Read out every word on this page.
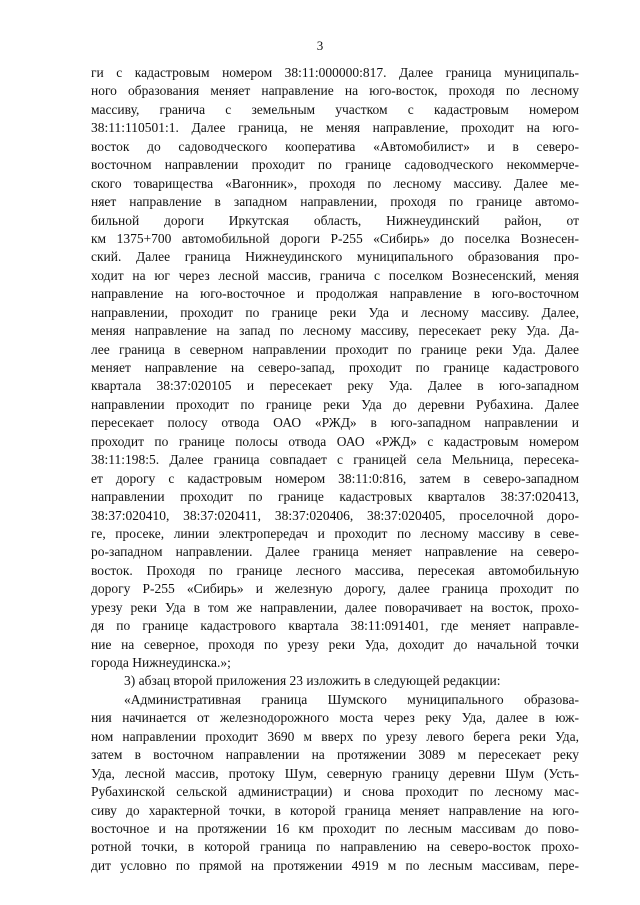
3
ги с кадастровым номером 38:11:000000:817. Далее граница муниципаль-
ного образования меняет направление на юго-восток, проходя по лесному
массиву, гранича с земельным участком с кадастровым номером
38:11:110501:1. Далее граница, не меняя направление, проходит на юго-
восток до садоводческого кооператива «Автомобилист» и в северо-
восточном направлении проходит по границе садоводческого некоммерче-
ского товарищества «Вагонник», проходя по лесному массиву. Далее ме-
няет направление в западном направлении, проходя по границе автомо-
бильной дороги Иркутская область, Нижнеудинский район, от
км 1375+700 автомобильной дороги Р-255 «Сибирь» до поселка Вознесен-
ский. Далее граница Нижнеудинского муниципального образования про-
ходит на юг через лесной массив, гранича с поселком Вознесенский, меняя
направление на юго-восточное и продолжая направление в юго-восточном
направлении, проходит по границе реки Уда и лесному массиву. Далее,
меняя направление на запад по лесному массиву, пересекает реку Уда. Да-
лее граница в северном направлении проходит по границе реки Уда. Далее
меняет направление на северо-запад, проходит по границе кадастрового
квартала 38:37:020105 и пересекает реку Уда. Далее в юго-западном
направлении проходит по границе реки Уда до деревни Рубахина. Далее
пересекает полосу отвода ОАО «РЖД» в юго-западном направлении и
проходит по границе полосы отвода ОАО «РЖД» с кадастровым номером
38:11:198:5. Далее граница совпадает с границей села Мельница, пересека-
ет дорогу с кадастровым номером 38:11:0:816, затем в северо-западном
направлении проходит по границе кадастровых кварталов 38:37:020413,
38:37:020410, 38:37:020411, 38:37:020406, 38:37:020405, проселочной доро-
ге, просеке, линии электропередач и проходит по лесному массиву в севе-
ро-западном направлении. Далее граница меняет направление на северо-
восток. Проходя по границе лесного массива, пересекая автомобильную
дорогу Р-255 «Сибирь» и железную дорогу, далее граница проходит по
урезу реки Уда в том же направлении, далее поворачивает на восток, прохо-
дя по границе кадастрового квартала 38:11:091401, где меняет направле-
ние на северное, проходя по урезу реки Уда, доходит до начальной точки
города Нижнеудинска.»;
3) абзац второй приложения 23 изложить в следующей редакции:
«Административная граница Шумского муниципального образова-
ния начинается от железнодорожного моста через реку Уда, далее в юж-
ном направлении проходит 3690 м вверх по урезу левого берега реки Уда,
затем в восточном направлении на протяжении 3089 м пересекает реку
Уда, лесной массив, протоку Шум, северную границу деревни Шум (Усть-
Рубахинской сельской администрации) и снова проходит по лесному мас-
сиву до характерной точки, в которой граница меняет направление на юго-
восточное и на протяжении 16 км проходит по лесным массивам до пово-
ротной точки, в которой граница по направлению на северо-восток прохо-
дит условно по прямой на протяжении 4919 м по лесным массивам, пере-
